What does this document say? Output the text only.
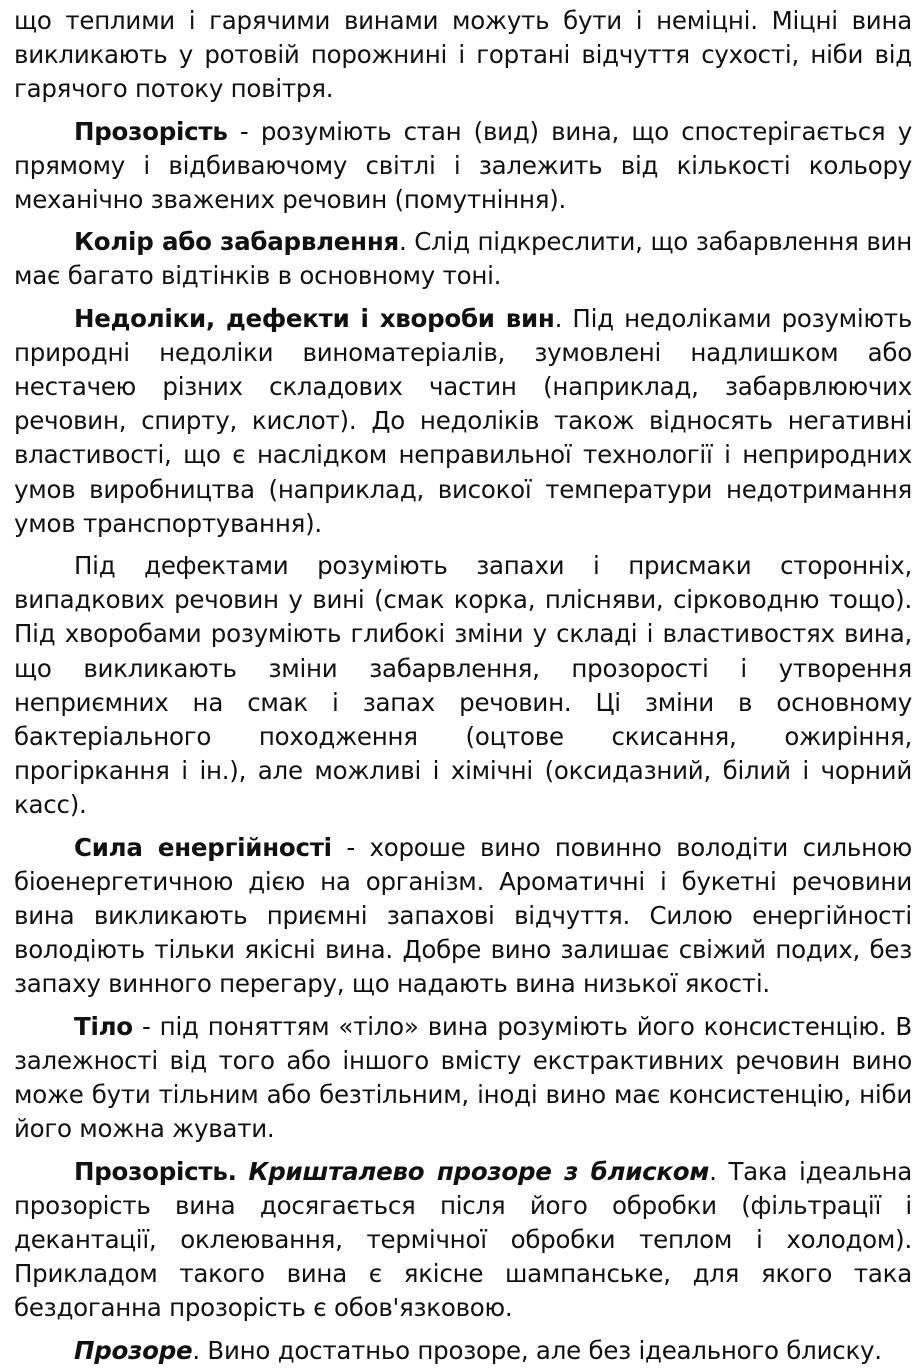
що теплими і гарячими винами можуть бути і неміцні. Міцні вина викликають у ротовій порожнині і гортані відчуття сухості, ніби від гарячого потоку повітря.

Прозорість - розуміють стан (вид) вина, що спостерігається у прямому і відбиваючому світлі і залежить від кількості кольору механічно зважених речовин (помутніння).

Колір або забарвлення. Слід підкреслити, що забарвлення вин має багато відтінків в основному тоні.

Недоліки, дефекти і хвороби вин. Під недоліками розуміють природні недоліки виноматеріалів, зумовлені надлишком або нестачею різних складових частин (наприклад, забарвлюючих речовин, спирту, кислот). До недоліків також відносять негативні властивості, що є наслідком неправильної технології і неприродних умов виробництва (наприклад, високої температури недотримання умов транспортування).

Під дефектами розуміють запахи і присмаки сторонніх, випадкових речовин у вині (смак корка, плісняви, сірководню тощо). Під хворобами розуміють глибокі зміни у складі і властивостях вина, що викликають зміни забарвлення, прозорості і утворення неприємних на смак і запах речовин. Ці зміни в основному бактеріального походження (оцтове скисання, ожиріння, прогіркання і ін.), але можливі і хімічні (оксидазний, білий і чорний касс).

Сила енергійності - хороше вино повинно володіти сильною біоенергетичною дією на організм. Ароматичні і букетні речовини вина викликають приємні запахові відчуття. Силою енергійності володіють тільки якісні вина. Добре вино залишає свіжий подих, без запаху винного перегару, що надають вина низької якості.

Тіло - під поняттям «тіло» вина розуміють його консистенцію. В залежності від того або іншого вмісту екстрактивних речовин вино може бути тільним або безтільним, іноді вино має консистенцію, ніби його можна жувати.

Прозорість. Кришталево прозоре з блиском. Така ідеальна прозорість вина досягається після його обробки (фільтрації і декантації, оклеювання, термічної обробки теплом і холодом). Прикладом такого вина є якісне шампанське, для якого така бездоганна прозорість є обов'язковою.

Прозоре. Вино достатньо прозоре, але без ідеального блиску.
